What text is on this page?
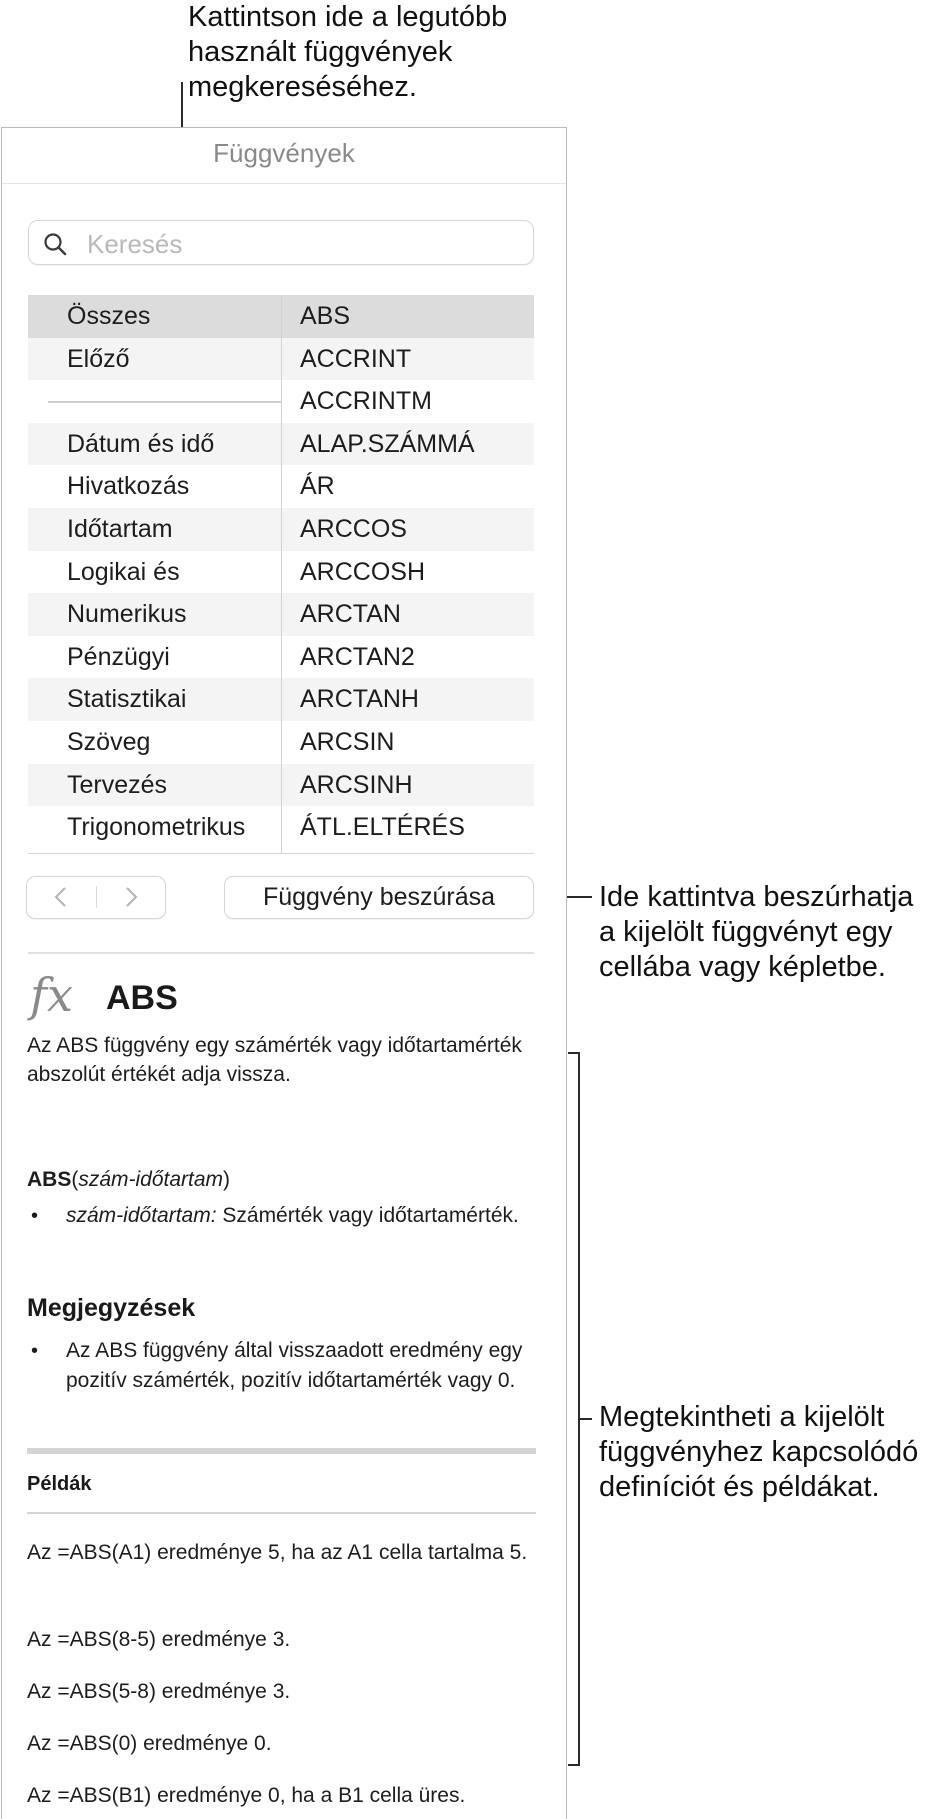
Kattintson ide a legutóbb
használt függvények
megkereséséhez.
Ide kattintva beszúrhatja
a kijelölt függvényt egy
cellába vagy képletbe.
Megtekintheti a kijelölt
függvényhez kapcsolódó
definíciót és példákat.
Függvények
Keresés
Összes
Előző
Dátum és idő
Hivatkozás
Időtartam
Logikai és
Numerikus
Pénzügyi
Statisztikai
Szöveg
Tervezés
Trigonometrikus
ABS
ACCRINT
ACCRINTM
ALAP.SZÁMMÁ
ÁR
ARCCOS
ARCCOSH
ARCTAN
ARCTAN2
ARCTANH
ARCSIN
ARCSINH
ÁTL.ELTÉRÉS
Függvény beszúrása
fx ABS
Az ABS függvény egy számérték vagy időtartamérték abszolút értékét adja vissza.
ABS(szám-időtartam)
• szám-időtartam: Számérték vagy időtartamérték.
Megjegyzések
• Az ABS függvény által visszaadott eredmény egy pozitív számérték, pozitív időtartamérték vagy 0.
Példák
Az =ABS(A1) eredménye 5, ha az A1 cella tartalma 5.
Az =ABS(8-5) eredménye 3.
Az =ABS(5-8) eredménye 3.
Az =ABS(0) eredménye 0.
Az =ABS(B1) eredménye 0, ha a B1 cella üres.
